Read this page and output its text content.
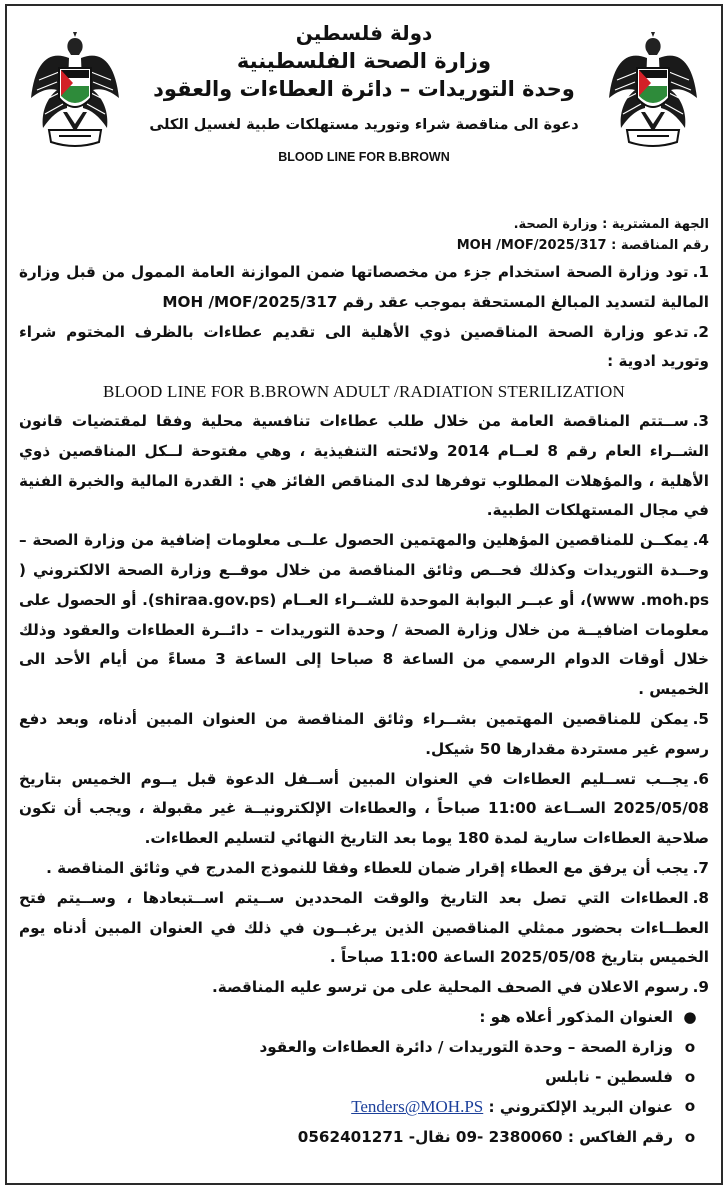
دولة فلسطين
وزارة الصحة الفلسطينية
وحدة التوريدات – دائرة العطاءات والعقود
دعوة الى مناقصة شراء وتوريد مستهلكات طبية لغسيل الكلى
BLOOD LINE FOR B.BROWN
الجهة المشترية : وزارة الصحة.
رقم المناقصة : MOH /MOF/2025/317
1.تود وزارة الصحة استخدام جزء من مخصصاتها ضمن الموازنة العامة الممول من قبل وزارة المالية لتسديد المبالغ المستحقة بموجب عقد رقم MOH /MOF/2025/317
2.تدعو وزارة الصحة المناقصين ذوي الأهلية الى تقديم عطاءات بالظرف المختوم شراء وتوريد ادوية :
BLOOD LINE FOR B.BROWN ADULT /RADIATION STERILIZATION
3.ســتتم المناقصة العامة من خلال طلب عطاءات تنافسية محلية وفقا لمقتضيات قانون الشــراء العام رقم 8 لعــام 2014 ولائحته التنفيذية ، وهي مفتوحة لــكل المناقصين ذوي الأهلية ، والمؤهلات المطلوب توفرها لدى المناقص الفائز هي : القدرة المالية والخبرة الفنية في مجال المستهلكات الطبية.
4.يمكــن للمناقصين المؤهلين والمهتمين الحصول علــى معلومات إضافية من وزارة الصحة – وحــدة التوريدات وكذلك فحــص وثائق المناقصة من خلال موقــع وزارة الصحة الالكتروني ( www .moh.ps)، أو عبــر البوابة الموحدة للشــراء العــام (shiraa.gov.ps). أو الحصول على معلومات اضافيــة من خلال وزارة الصحة / وحدة التوريدات – دائــرة العطاءات والعقود وذلك خلال أوقات الدوام الرسمي من الساعة 8 صباحا إلى الساعة 3 مساءً من أيام الأحد الى الخميس .
5.يمكن للمناقصين المهتمين بشــراء وثائق المناقصة من العنوان المبين أدناه، وبعد دفع رسوم غير مستردة مقدارها 50 شيكل.
6.يجــب تســليم العطاءات في العنوان المبين أســفل الدعوة قبل يــوم الخميس بتاريخ 2025/05/08 الســاعة 11:00 صباحاً ، والعطاءات الإلكترونيــة غير مقبولة ، ويجب أن تكون صلاحية العطاءات سارية لمدة 180 يوما بعد التاريخ النهائي لتسليم العطاءات.
7.يجب أن يرفق مع العطاء إقرار ضمان للعطاء وفقا للنموذج المدرج في وثائق المناقصة .
8.العطاءات التي تصل بعد التاريخ والوقت المحددين ســيتم اســتبعادها ، وســيتم فتح العطــاءات بحضور ممثلي المناقصين الذين يرغبــون في ذلك في العنوان المبين أدناه يوم الخميس بتاريخ 2025/05/08 الساعة 11:00 صباحاً .
9.رسوم الاعلان في الصحف المحلية على من ترسو عليه المناقصة.
●
العنوان المذكور أعلاه هو :
o
وزارة الصحة – وحدة التوريدات / دائرة العطاءات والعقود
o
فلسطين - نابلس
o
عنوان البريد الإلكتروني : Tenders@MOH.PS
o
رقم الفاكس : 2380060 -09 نقال- 0562401271
